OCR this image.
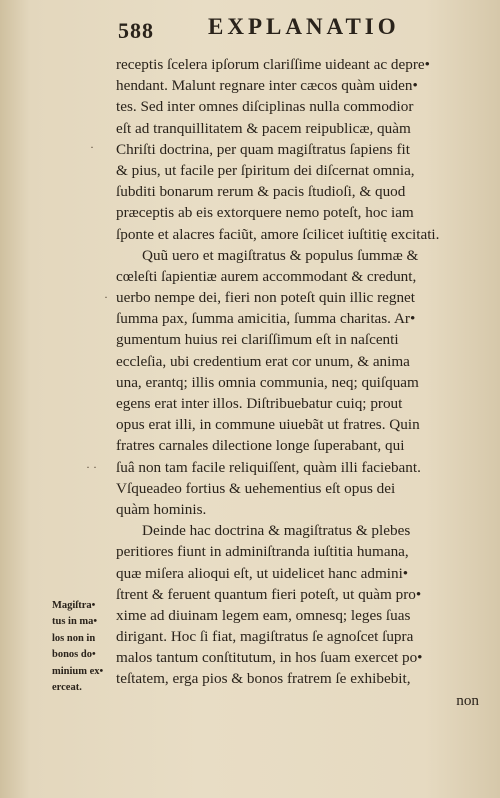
588 EXPLANATIO
receptis ſcelera ipſorum clariſſime uideant ac depre•
hendant. Malunt regnare inter cæcos quàm uiden•
tes. Sed inter omnes diſciplinas nulla commodior
eſt ad tranquillitatem & pacem reipublicæ, quàm
Chriſti doctrina, per quam magiſtratus ſapiens fit
& pius, ut facile per ſpiritum dei diſcernat omnia,
ſubditi bonarum rerum & pacis ſtudioſi, & quod
præceptis ab eis extorquere nemo poteſt, hoc iam
ſponte et alacres faciũt, amore ſcilicet iuſtitię excitati.
Quũ uero et magiſtratus & populus ſummæ &
cœleſti ſapientiæ aurem accommodant & credunt,
uerbo nempe dei, fieri non poteſt quin illic regnet
ſumma pax, ſumma amicitia, ſumma charitas. Ar•
gumentum huius rei clariſſimum eſt in naſcenti
eccleſia, ubi credentium erat cor unum, & anima
una, erantq; illis omnia communia, neq; quiſquam
egens erat inter illos. Diſtribuebatur cuiq; prout
opus erat illi, in commune uiuebãt ut fratres. Quin
fratres carnales dilectione longe ſuperabant, qui
ſuâ non tam facile reliquiſſent, quàm illi faciebant.
Vſqueadeo fortius & uehementius eſt opus dei
quàm hominis.
Deinde hac doctrina & magiſtratus & plebes
peritiores fiunt in adminiſtranda iuſtitia humana,
quæ miſera alioqui eſt, ut uidelicet hanc admini•
ſtrent & feruent quantum fieri poteſt, ut quàm pro•
xime ad diuinam legem eam, omnesq; leges ſuas
dirigant. Hoc ſi fiat, magiſtratus ſe agnoſcet ſupra
malos tantum conſtitutum, in hos ſuam exercet po•
teſtatem, erga pios & bonos fratrem ſe exhibebit,
non
Magiſtra•
tus in ma•
los non in
bonos do•
minium ex•
erceat.
·
·
· ·
